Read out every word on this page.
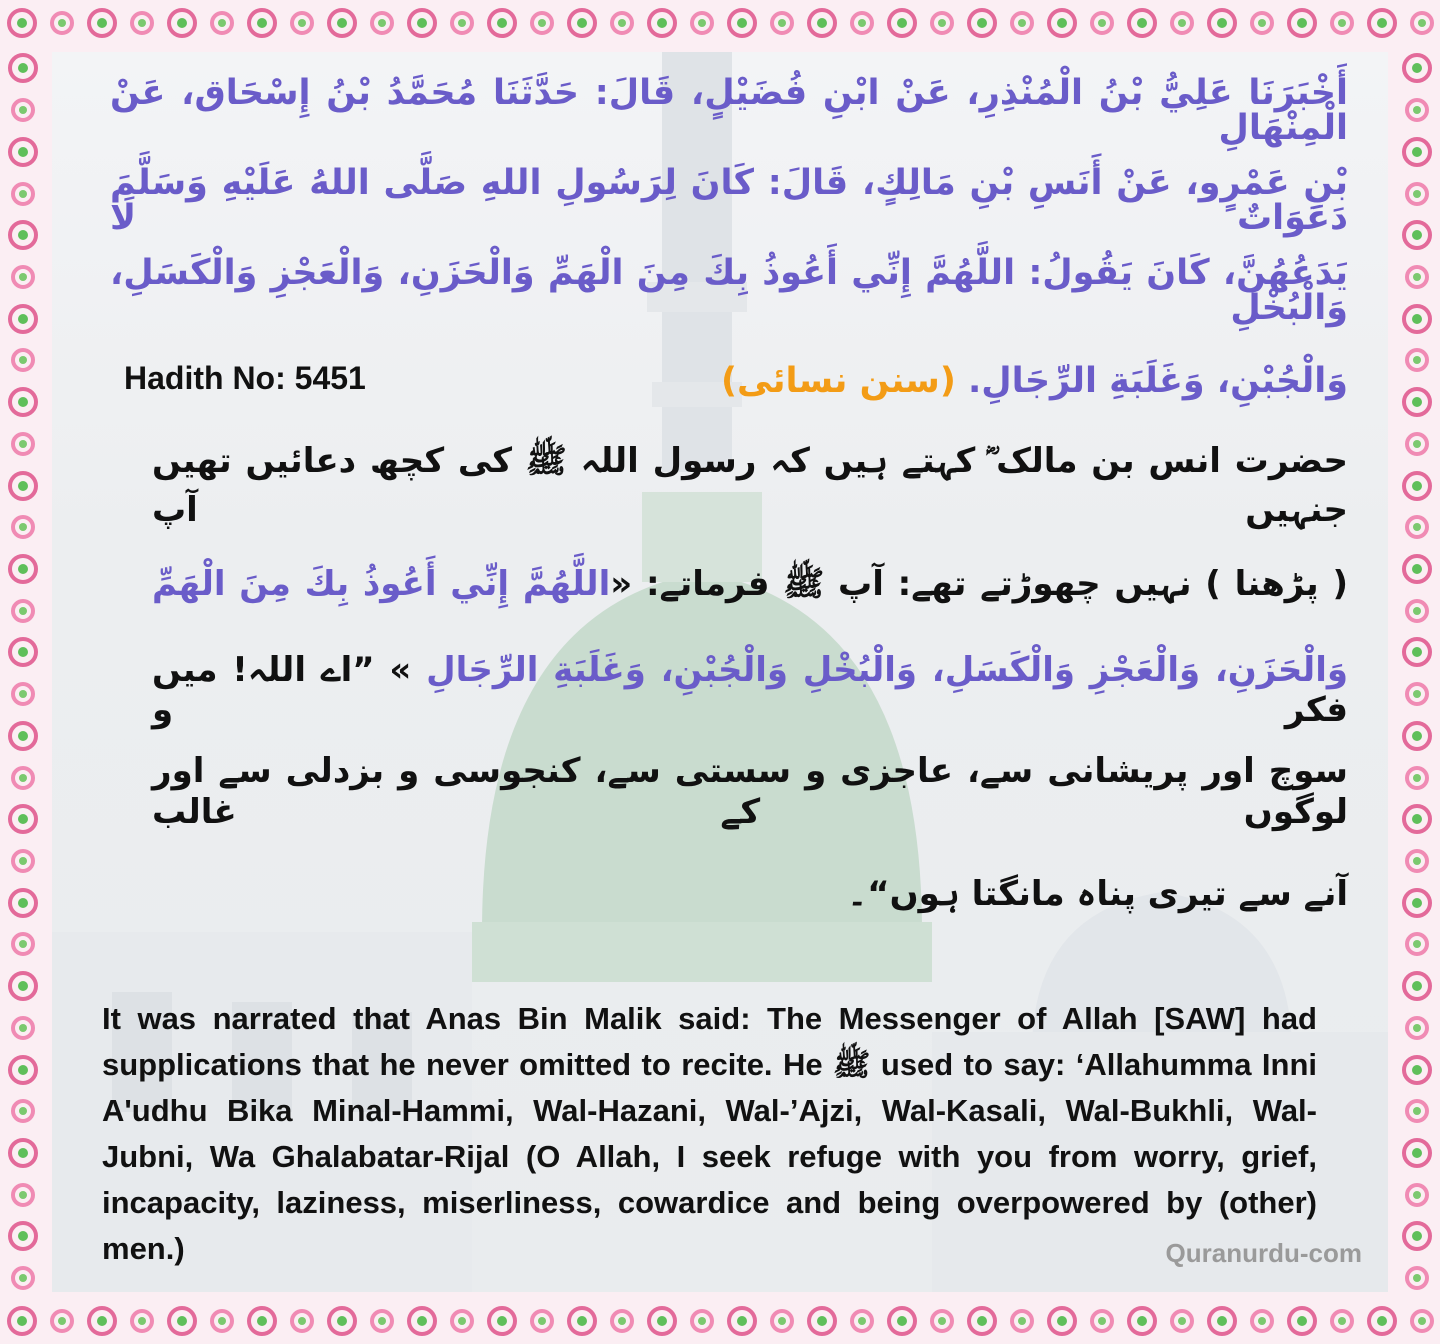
أَخْبَرَنَا عَلِيُّ بْنُ الْمُنْذِرِ، عَنْ ابْنِ فُضَيْلٍ، قَالَ: حَدَّثَنَا مُحَمَّدُ بْنُ إِسْحَاق، عَنْ الْمِنْهَالِ
بْنِ عَمْرٍو، عَنْ أَنَسِ بْنِ مَالِكٍ، قَالَ: كَانَ لِرَسُولِ اللهِ صَلَّى اللهُ عَلَيْهِ وَسَلَّمَ دَعَوَاتٌ لَا
يَدَعُهُنَّ، كَانَ يَقُولُ: اللَّهُمَّ إِنِّي أَعُوذُ بِكَ مِنَ الْهَمِّ وَالْحَزَنِ، وَالْعَجْزِ وَالْكَسَلِ، وَالْبُخْلِ
وَالْجُبْنِ، وَغَلَبَةِ الرِّجَالِ. (سنن نسائی)
Hadith No: 5451
حضرت انس بن مالک ؓ کہتے ہیں کہ رسول اللہ ﷺ کی کچھ دعائیں تھیں جنہیں آپ
( پڑھنا ) نہیں چھوڑتے تھے: آپ ﷺ فرماتے: «اللَّهُمَّ إِنِّي أَعُوذُ بِكَ مِنَ الْهَمِّ
وَالْحَزَنِ، وَالْعَجْزِ وَالْكَسَلِ، وَالْبُخْلِ وَالْجُبْنِ، وَغَلَبَةِ الرِّجَالِ » ”اے اللہ! میں فکر و
سوچ اور پریشانی سے، عاجزی و سستی سے، کنجوسی و بزدلی سے اور لوگوں کے غالب
آنے سے تیری پناہ مانگتا ہوں“۔
It was narrated that Anas Bin Malik said: The Messenger of Allah [SAW] had supplications that he never omitted to recite. He ﷺ used to say: ‘Allahumma Inni A'udhu Bika Minal-Hammi, Wal-Hazani, Wal-’Ajzi, Wal-Kasali, Wal-Bukhli, Wal-Jubni, Wa Ghalabatar-Rijal (O Allah, I seek refuge with you from worry, grief, incapacity, laziness, miserliness, cowardice and being overpowered by (other) men.)	Quranurdu-com
